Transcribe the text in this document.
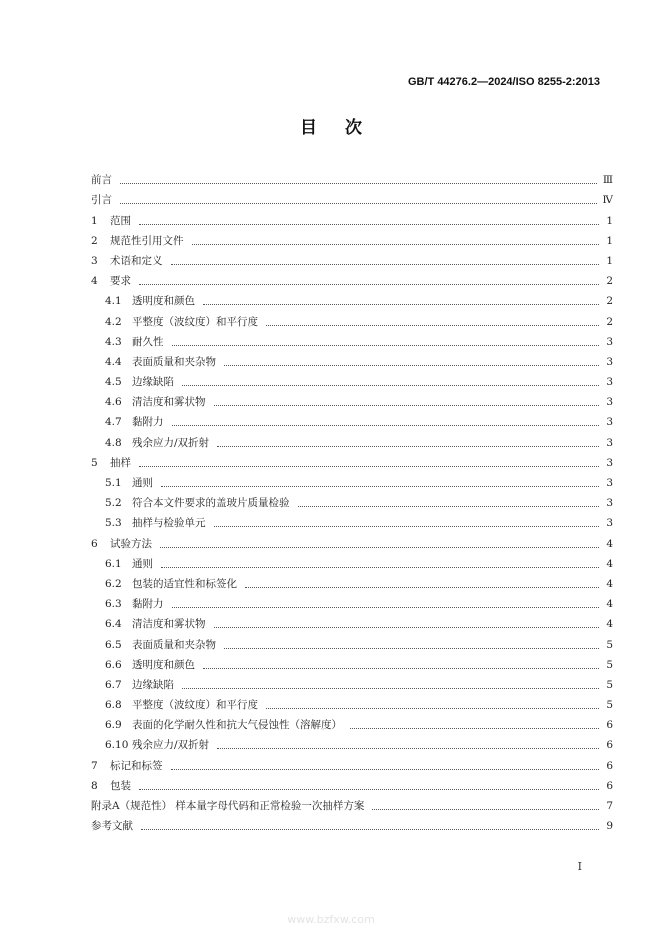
GB/T 44276.2—2024/ISO 8255-2:2013
目次
前言	Ⅲ
引言	Ⅳ
1	范围	1
2	规范性引用文件	1
3	术语和定义	1
4	要求	2
4.1 透明度和颜色	2
4.2 平整度（波纹度）和平行度	2
4.3 耐久性	3
4.4 表面质量和夹杂物	3
4.5 边缘缺陷	3
4.6 清洁度和雾状物	3
4.7 黏附力	3
4.8 残余应力/双折射	3
5	抽样	3
5.1 通则	3
5.2 符合本文件要求的盖玻片质量检验	3
5.3 抽样与检验单元	3
6	试验方法	4
6.1 通则	4
6.2 包装的适宜性和标签化	4
6.3 黏附力	4
6.4 清洁度和雾状物	4
6.5 表面质量和夹杂物	5
6.6 透明度和颜色	5
6.7 边缘缺陷	5
6.8 平整度（波纹度）和平行度	5
6.9 表面的化学耐久性和抗大气侵蚀性（溶解度）	6
6.10 残余应力/双折射	6
7	标记和标签	6
8	包装	6
附录A（规范性） 样本量字母代码和正常检验一次抽样方案	7
参考文献	9
I
www.bzfxw.com
